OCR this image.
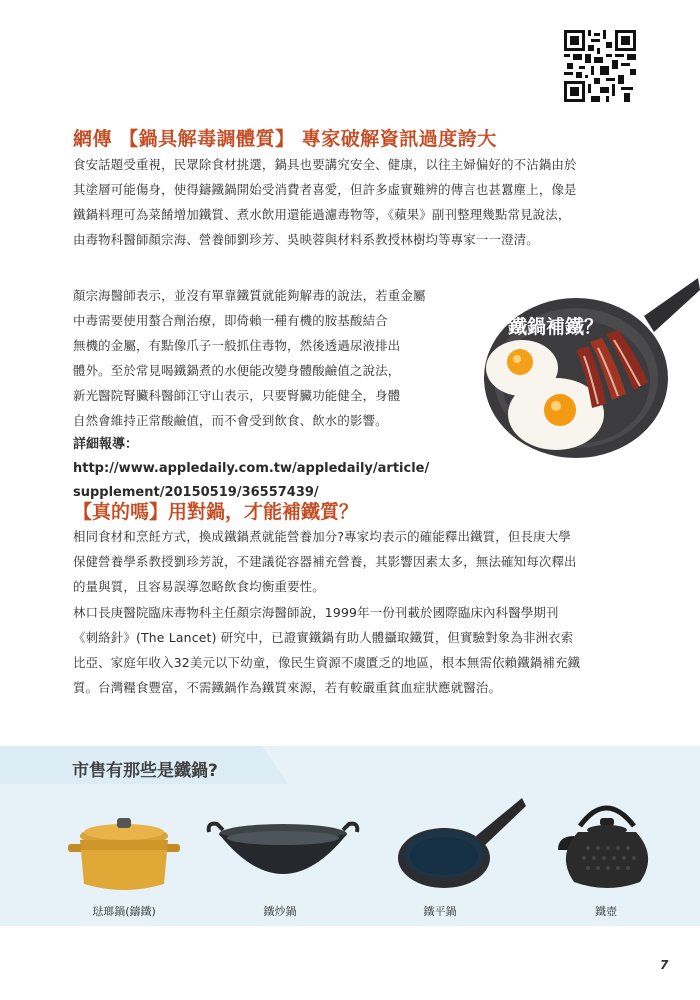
網傳 【鍋具解毒調體質】 專家破解資訊過度誇大
食安話題受重視，民眾除食材挑選，鍋具也要講究安全、健康，以往主婦偏好的不沾鍋由於其塗層可能傷身，使得鑄鐵鍋開始受消費者喜愛，但許多虛實難辨的傳言也甚囂塵上，像是鐵鍋料理可為菜餚增加鐵質、煮水飲用還能過濾毒物等，《蘋果》副刊整理幾點常見說法，由毒物科醫師顏宗海、營養師劉珍芳、吳映蓉與材料系教授林樹均等專家一一澄清。
顏宗海醫師表示，並沒有單靠鐵質就能夠解毒的說法，若重金屬
中毒需要使用螯合劑治療，即倚賴一種有機的胺基酸結合
無機的金屬，有點像爪子一般抓住毒物，然後透過尿液排出
體外。至於常見喝鐵鍋煮的水便能改變身體酸鹼值之說法，
新光醫院腎臟科醫師江守山表示，只要腎臟功能健全，身體
自然會維持正常酸鹼值，而不會受到飲食、飲水的影響。
詳細報導：http://www.appledaily.com.tw/appledaily/article/
supplement/20150519/36557439/
鐵鍋補鐵？
【真的嗎】用對鍋，才能補鐵質？
相同食材和烹飪方式，換成鐵鍋煮就能營養加分?專家均表示的確能釋出鐵質，但長庚大學保健營養學系教授劉珍芳說，不建議從容器補充營養，其影響因素太多，無法確知每次釋出的量與質，且容易誤導忽略飲食均衡重要性。
林口長庚醫院臨床毒物科主任顏宗海醫師說，1999年一份刊載於國際臨床內科醫學期刊《刺絡針》(The Lancet) 研究中，已證實鐵鍋有助人體攝取鐵質，但實驗對象為非洲衣索比亞、家庭年收入32美元以下幼童，像民生資源不虞匱乏的地區，根本無需依賴鐵鍋補充鐵質。台灣糧食豐富，不需鐵鍋作為鐵質來源，若有較嚴重貧血症狀應就醫治。
市售有那些是鐵鍋?
琺瑯鍋(鑄鐵)	鐵炒鍋	鐵平鍋	鐵壺
7
